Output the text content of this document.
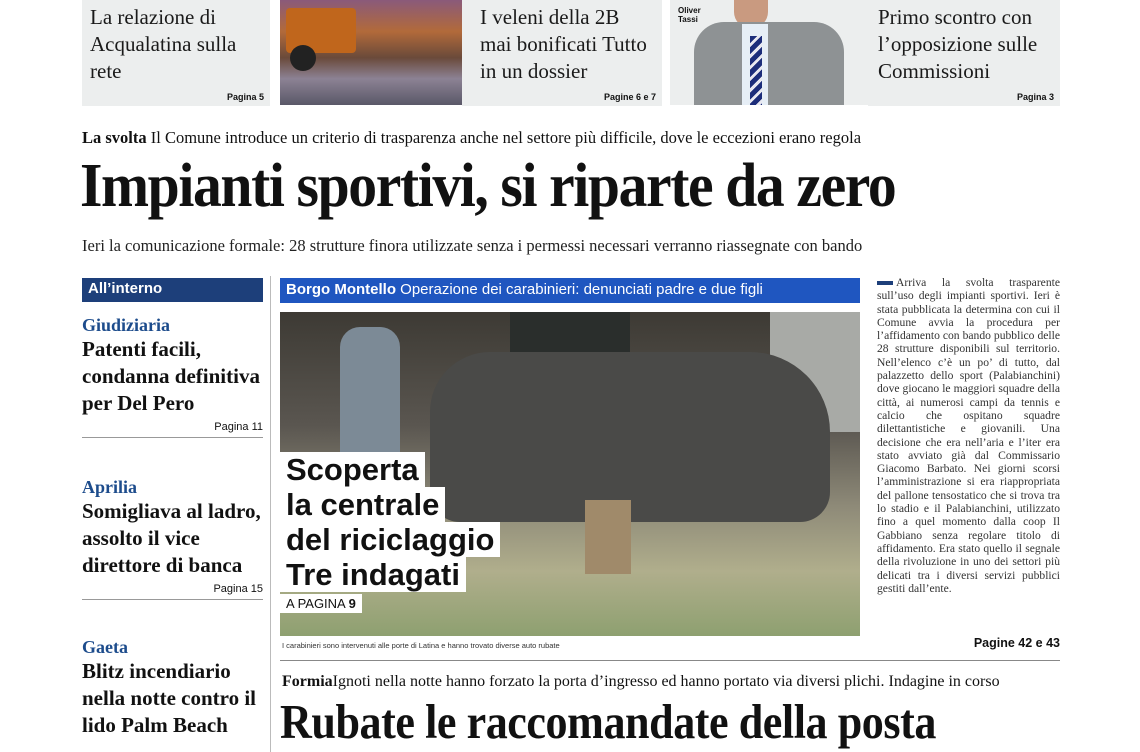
La relazione di Acqualatina sulla rete
Pagina 5
I veleni della 2B mai bonificati Tutto in un dossier
Pagine 6 e 7
Oliver Tassi	Primo scontro con l’opposizione sulle Commissioni
Pagina 3
La svolta Il Comune introduce un criterio di trasparenza anche nel settore più difficile, dove le eccezioni erano regola
Impianti sportivi, si riparte da zero
Ieri la comunicazione formale: 28 strutture finora utilizzate senza i permessi necessari verranno riassegnate con bando
All’interno
Giudiziaria
Patenti facili, condanna definitiva per Del Pero
Pagina 11
Aprilia
Somigliava al ladro, assolto il vice direttore di banca
Pagina 15
Gaeta
Blitz incendiario nella notte contro il lido Palm Beach
Borgo Montello Operazione dei carabinieri: denunciati padre e due figli
Scoperta
la centrale
del riciclaggio
Tre indagati
A PAGINA 9
I carabinieri sono intervenuti alle porte di Latina e hanno trovato diverse auto rubate
Arriva la svolta trasparente sull’uso degli impianti sportivi. Ieri è stata pubblicata la determina con cui il Comune avvia la procedura per l’affidamento con bando pubblico delle 28 strutture disponibili sul territorio. Nell’elenco c’è un po’ di tutto, dal palazzetto dello sport (Palabianchini) dove giocano le maggiori squadre della città, ai numerosi campi da tennis e calcio che ospitano squadre dilettantistiche e giovanili. Una decisione che era nell’aria e l’iter era stato avviato già dal Commissario Giacomo Barbato. Nei giorni scorsi l’amministrazione si era riappropriata del pallone tensostatico che si trova tra lo stadio e il Palabianchini, utilizzato fino a quel momento dalla coop Il Gabbiano senza regolare titolo di affidamento. Era stato quello il segnale della rivoluzione in uno dei settori più delicati tra i diversi servizi pubblici gestiti dall’ente.
Pagine 42 e 43
FormiaIgnoti nella notte hanno forzato la porta d’ingresso ed hanno portato via diversi plichi. Indagine in corso
Rubate le raccomandate della posta
